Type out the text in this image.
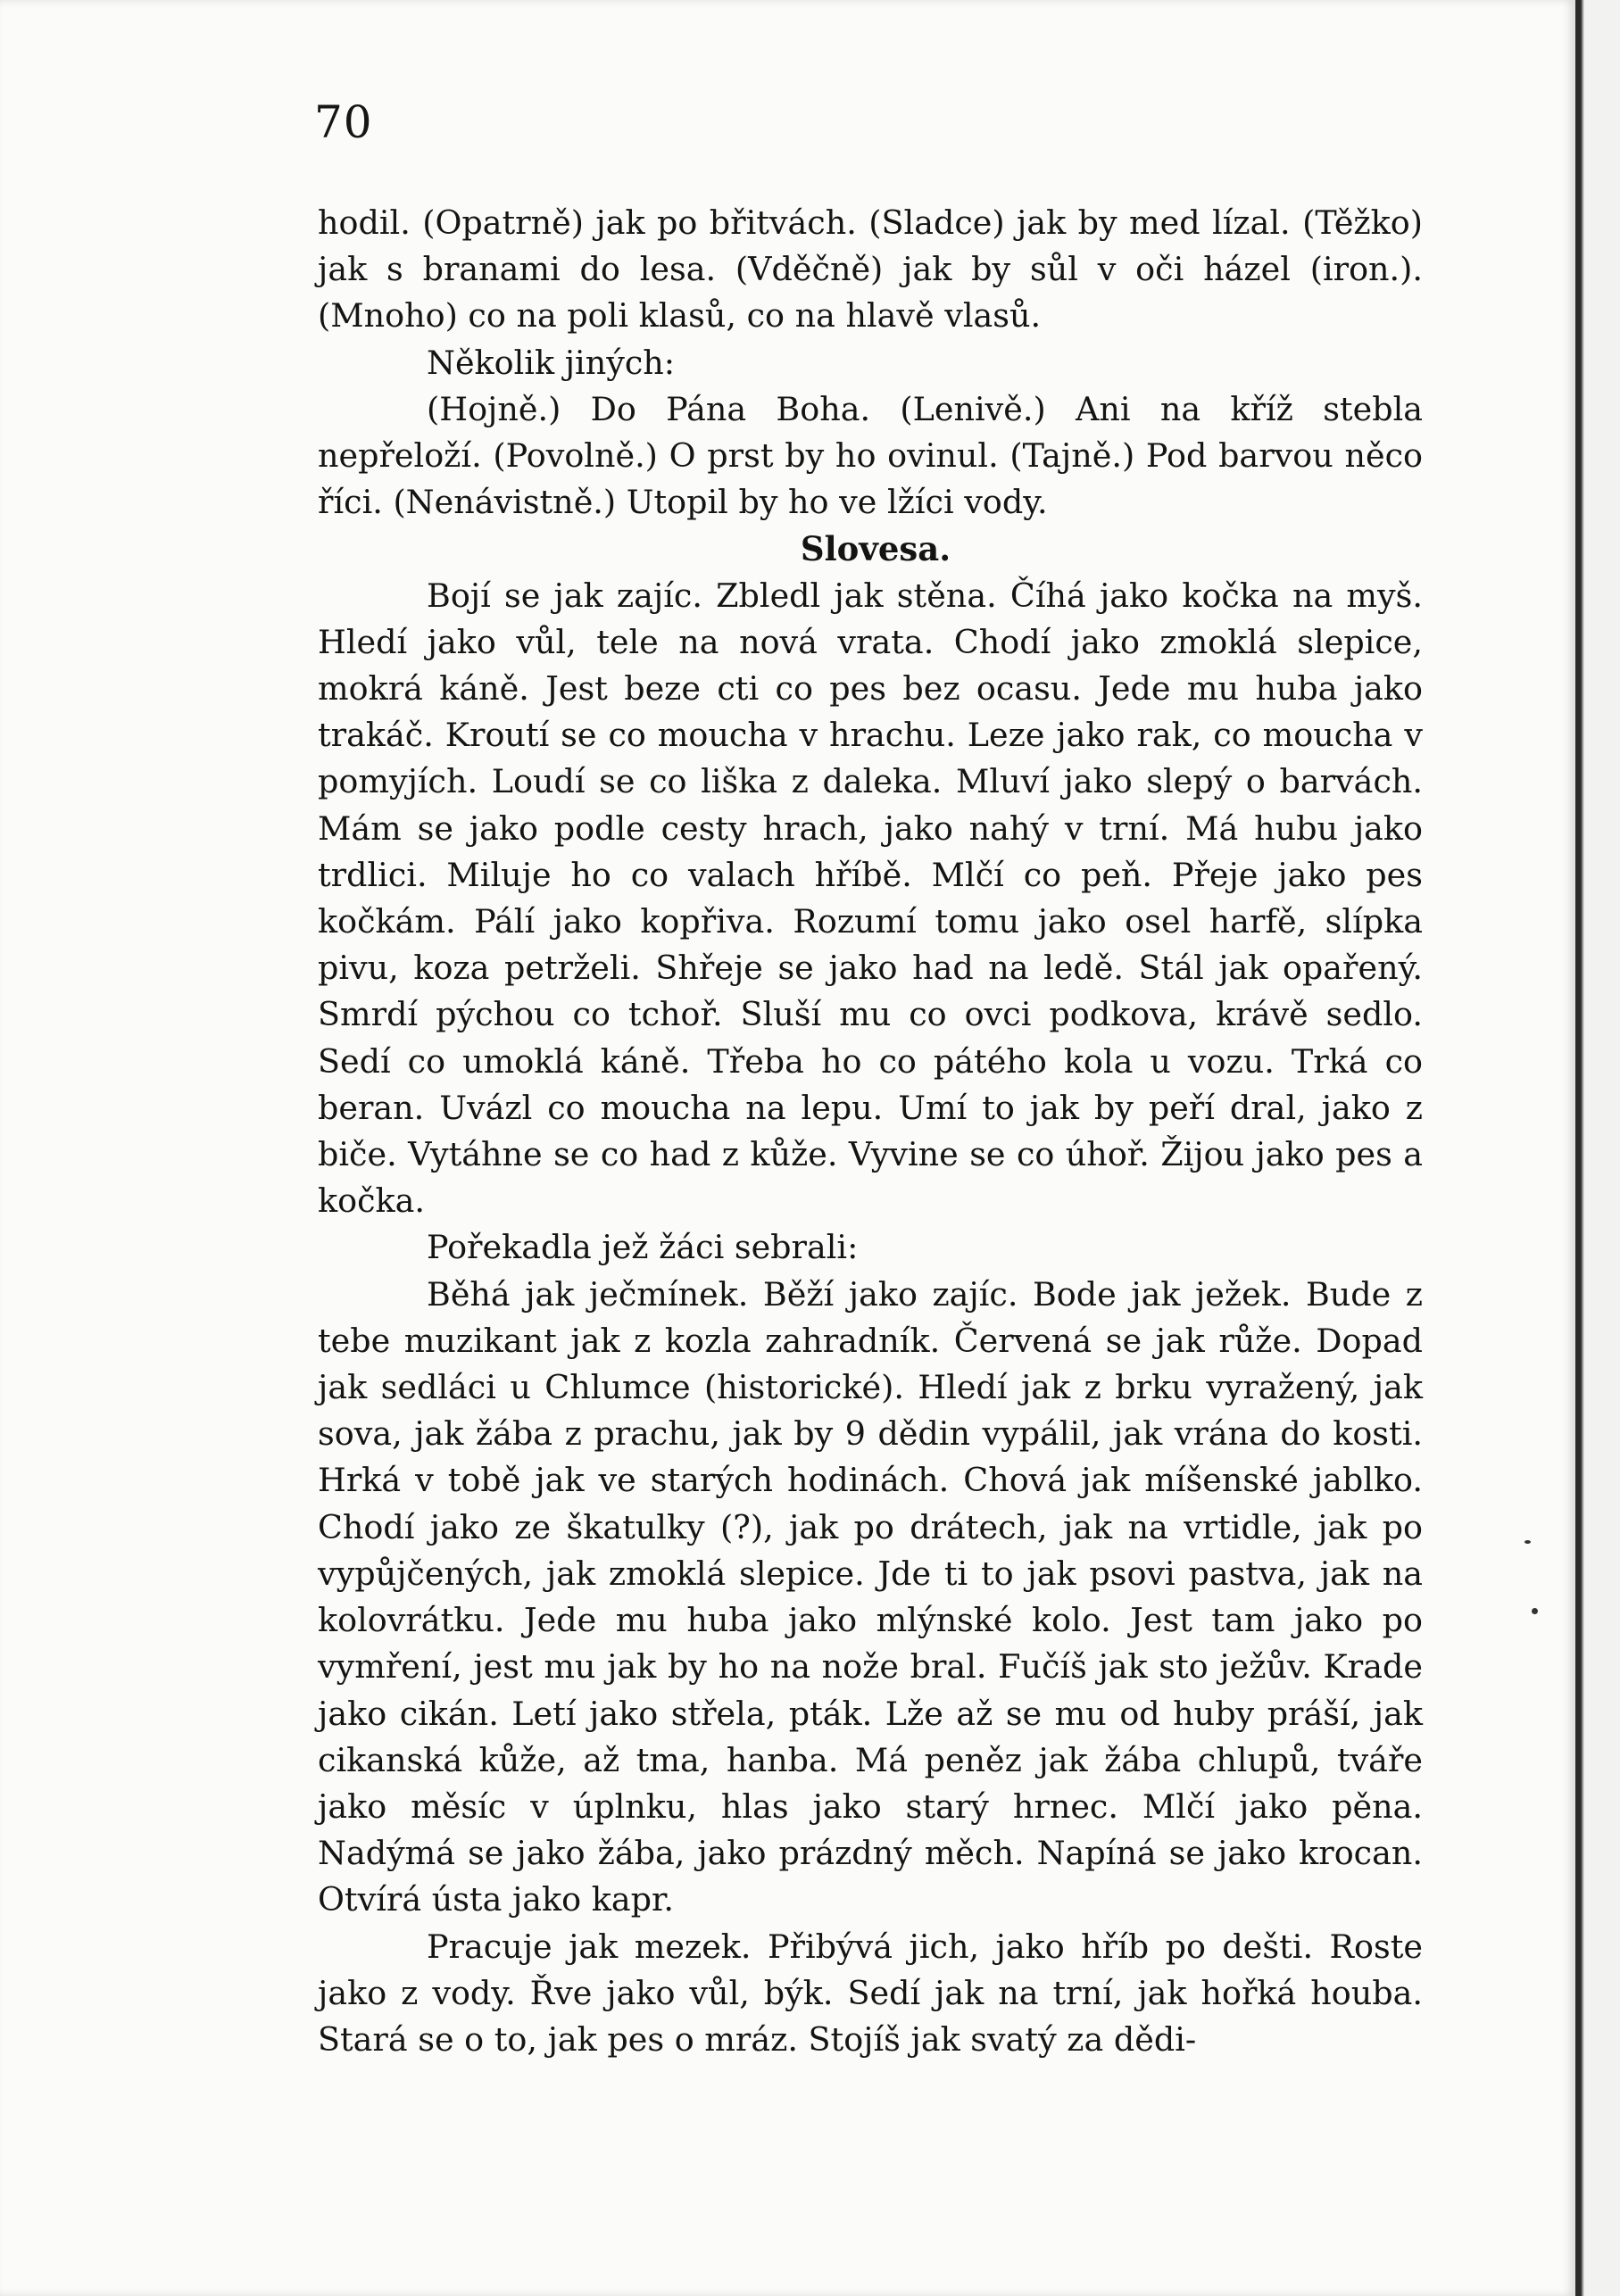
70

hodil. (Opatrně) jak po břitvách. (Sladce) jak by med lízal. (Těžko) jak s branami do lesa. (Vděčně) jak by sůl v oči házel (iron.). (Mnoho) co na poli klasů, co na hlavě vlasů.

Několik jiných:

(Hojně.) Do Pána Boha. (Lenivě.) Ani na kříž stebla nepřeloží. (Povolně.) O prst by ho ovinul. (Tajně.) Pod barvou něco říci. (Nenávistně.) Utopil by ho ve lžíci vody.

Slovesa.

Bojí se jak zajíc. Zbledl jak stěna. Číhá jako kočka na myš. Hledí jako vůl, tele na nová vrata. Chodí jako zmoklá slepice, mokrá káně. Jest beze cti co pes bez ocasu. Jede mu huba jako trakáč. Kroutí se co moucha v hrachu. Leze jako rak, co moucha v pomyjích. Loudí se co liška z daleka. Mluví jako slepý o barvách. Mám se jako podle cesty hrach, jako nahý v trní. Má hubu jako trdlici. Miluje ho co valach hříbě. Mlčí co peň. Přeje jako pes kočkám. Pálí jako kopřiva. Rozumí tomu jako osel harfě, slípka pivu, koza petrželi. Shřeje se jako had na ledě. Stál jak opařený. Smrdí pýchou co tchoř. Sluší mu co ovci podkova, krávě sedlo. Sedí co umoklá káně. Třeba ho co pátého kola u vozu. Trká co beran. Uvázl co moucha na lepu. Umí to jak by peří dral, jako z biče. Vytáhne se co had z kůže. Vyvine se co úhoř. Žijou jako pes a kočka.

Pořekadla jež žáci sebrali:

Běhá jak ječmínek. Běží jako zajíc. Bode jak ježek. Bude z tebe muzikant jak z kozla zahradník. Červená se jak růže. Dopad jak sedláci u Chlumce (historické). Hledí jak z brku vyražený, jak sova, jak žába z prachu, jak by 9 dědin vypálil, jak vrána do kosti. Hrká v tobě jak ve starých hodinách. Chová jak míšenské jablko. Chodí jako ze škatulky (?), jak po drátech, jak na vrtidle, jak po vypůjčených, jak zmoklá slepice. Jde ti to jak psovi pastva, jak na kolovrátku. Jede mu huba jako mlýnské kolo. Jest tam jako po vymření, jest mu jak by ho na nože bral. Fučíš jak sto ježův. Krade jako cikán. Letí jako střela, pták. Lže až se mu od huby práší, jak cikanská kůže, až tma, hanba. Má peněz jak žába chlupů, tváře jako měsíc v úplnku, hlas jako starý hrnec. Mlčí jako pěna. Nadýmá se jako žába, jako prázdný měch. Napíná se jako krocan. Otvírá ústa jako kapr.

Pracuje jak mezek. Přibývá jich, jako hříb po dešti. Roste jako z vody. Řve jako vůl, býk. Sedí jak na trní, jak hořká houba. Stará se o to, jak pes o mráz. Stojíš jak svatý za dědi-
